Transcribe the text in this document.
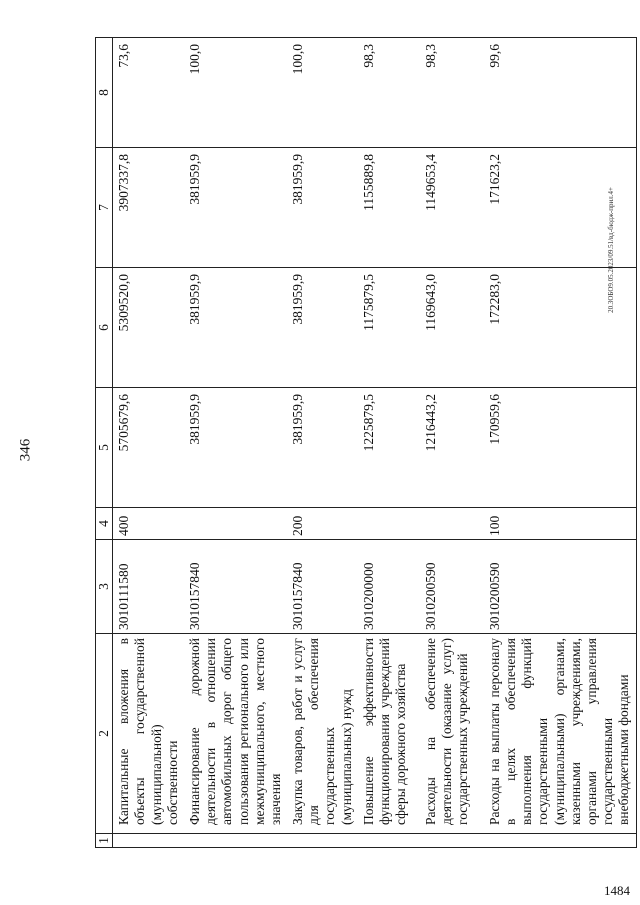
346
20.ЗОБО9.05.2023/09.51/вд-бюдж-прил.4+
1484
1	2	3	4	5	6	7	8
	Капитальные вложения в объекты государственной (муниципальной) собственности	3010111580	400	5705679,6	5309520,0	3907337,8	73,6
	Финансирование дорожной деятельности в отношении автомобильных дорог общего пользования регионального или межмуниципального, местного значения	3010157840		381959,9	381959,9	381959,9	100,0
	Закупка товаров, работ и услуг для обеспечения государственных (муниципальных) нужд	3010157840	200	381959,9	381959,9	381959,9	100,0
	Повышение эффективности функционирования учреждений сферы дорожного хозяйства	3010200000		1225879,5	1175879,5	1155889,8	98,3
	Расходы на обеспечение деятельности (оказание услуг) государственных учреждений	3010200590		1216443,2	1169643,0	1149653,4	98,3
	Расходы на выплаты персоналу в целях обеспечения выполнения функций государственными (муниципальными) органами, казенными учреждениями, органами управления государственными внебюджетными фондами	3010200590	100	170959,6	172283,0	171623,2	99,6
